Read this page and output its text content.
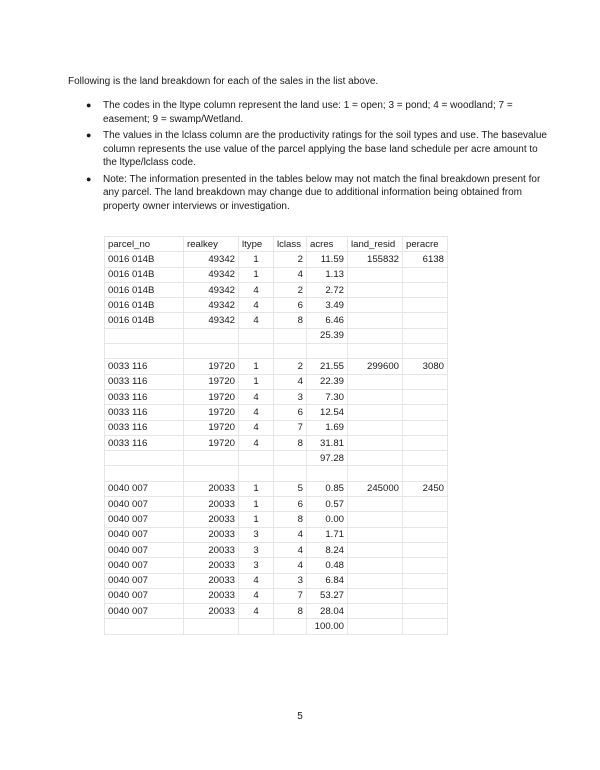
Following is the land breakdown for each of the sales in the list above.
● The codes in the ltype column represent the land use: 1 = open; 3 = pond; 4 = woodland; 7 = easement; 9 = swamp/Wetland.
● The values in the lclass column are the productivity ratings for the soil types and use. The basevalue column represents the use value of the parcel applying the base land schedule per acre amount to the ltype/lclass code.
● Note: The information presented in the tables below may not match the final breakdown present for any parcel. The land breakdown may change due to additional information being obtained from property owner interviews or investigation.
parcel_no	realkey	ltype	lclass	acres	land_resid	peracre
0016 014B	49342	1	2	11.59	155832	6138
0016 014B	49342	1	4	1.13		
0016 014B	49342	4	2	2.72		
0016 014B	49342	4	6	3.49		
0016 014B	49342	4	8	6.46		
				25.39		

0033 116	19720	1	2	21.55	299600	3080
0033 116	19720	1	4	22.39		
0033 116	19720	4	3	7.30		
0033 116	19720	4	6	12.54		
0033 116	19720	4	7	1.69		
0033 116	19720	4	8	31.81		
				97.28		

0040 007	20033	1	5	0.85	245000	2450
0040 007	20033	1	6	0.57		
0040 007	20033	1	8	0.00		
0040 007	20033	3	4	1.71		
0040 007	20033	3	4	8.24		
0040 007	20033	3	4	0.48		
0040 007	20033	4	3	6.84		
0040 007	20033	4	7	53.27		
0040 007	20033	4	8	28.04		
				100.00		
5
